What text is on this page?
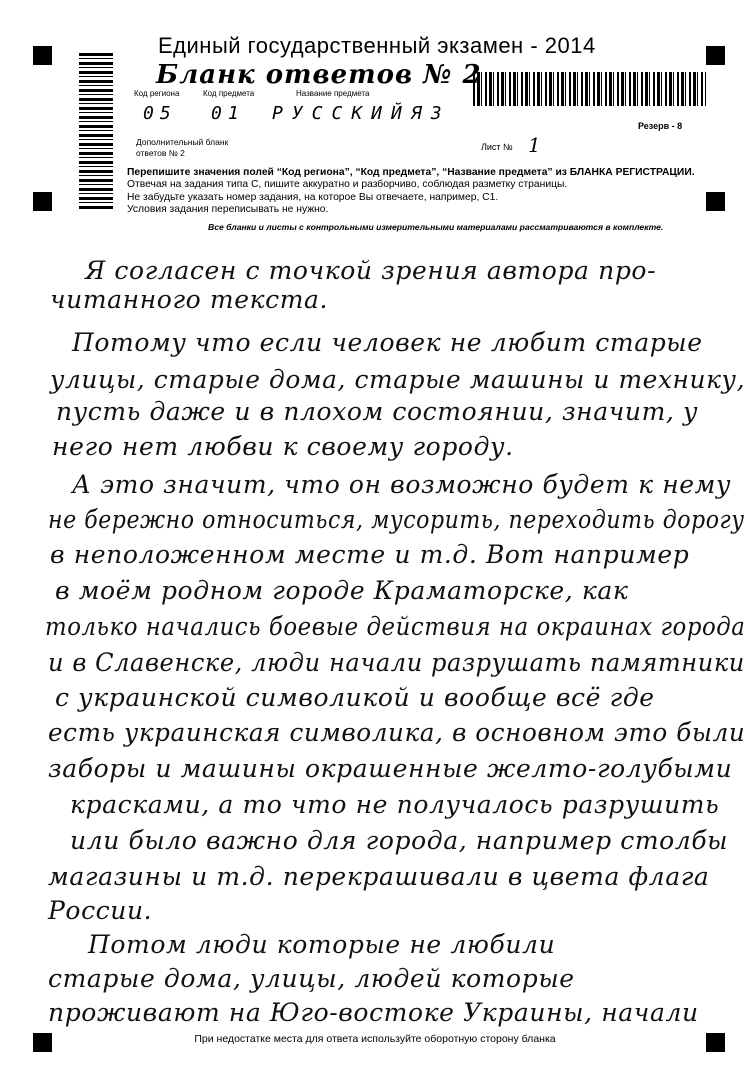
Единый государственный экзамен - 2014
Бланк ответов № 2
Код региона	Код предмета	Название предмета
05 01 РУССКИЙЯЗ
Резерв - 8
Дополнительный бланк ответов № 2
Лист № 1
Перепишите значения полей “Код региона”, “Код предмета”, “Название предмета” из БЛАНКА РЕГИСТРАЦИИ.
Отвечая на задания типа С, пишите аккуратно и разборчиво, соблюдая разметку страницы.
Не забудьте указать номер задания, на которое Вы отвечаете, например, С1.
Условия задания переписывать не нужно.
Все бланки и листы с контрольными измерительными материалами рассматриваются в комплекте.
Я согласен с точкой зрения автора про-
читанного текста.
Потому что если человек не любит старые
улицы, старые дома, старые машины и технику,
пусть даже и в плохом состоянии, значит, у
него нет любви к своему городу.
А это значит, что он возможно будет к нему
не бережно относиться, мусорить, переходить дорогу
в неположенном месте и т.д. Вот например
в моём родном городе Краматорске, как
только начались боевые действия на окраинах города
и в Славенске, люди начали разрушать памятники
с украинской символикой и вообще всё где
есть украинская символика, в основном это были
заборы и машины окрашенные желто-голубыми
красками, а то что не получалось разрушить
или было важно для города, например столбы
магазины и т.д. перекрашивали в цвета флага
России.
Потом люди которые не любили
старые дома, улицы, людей которые
проживают на Юго-востоке Украины, начали
При недостатке места для ответа используйте оборотную сторону бланка
